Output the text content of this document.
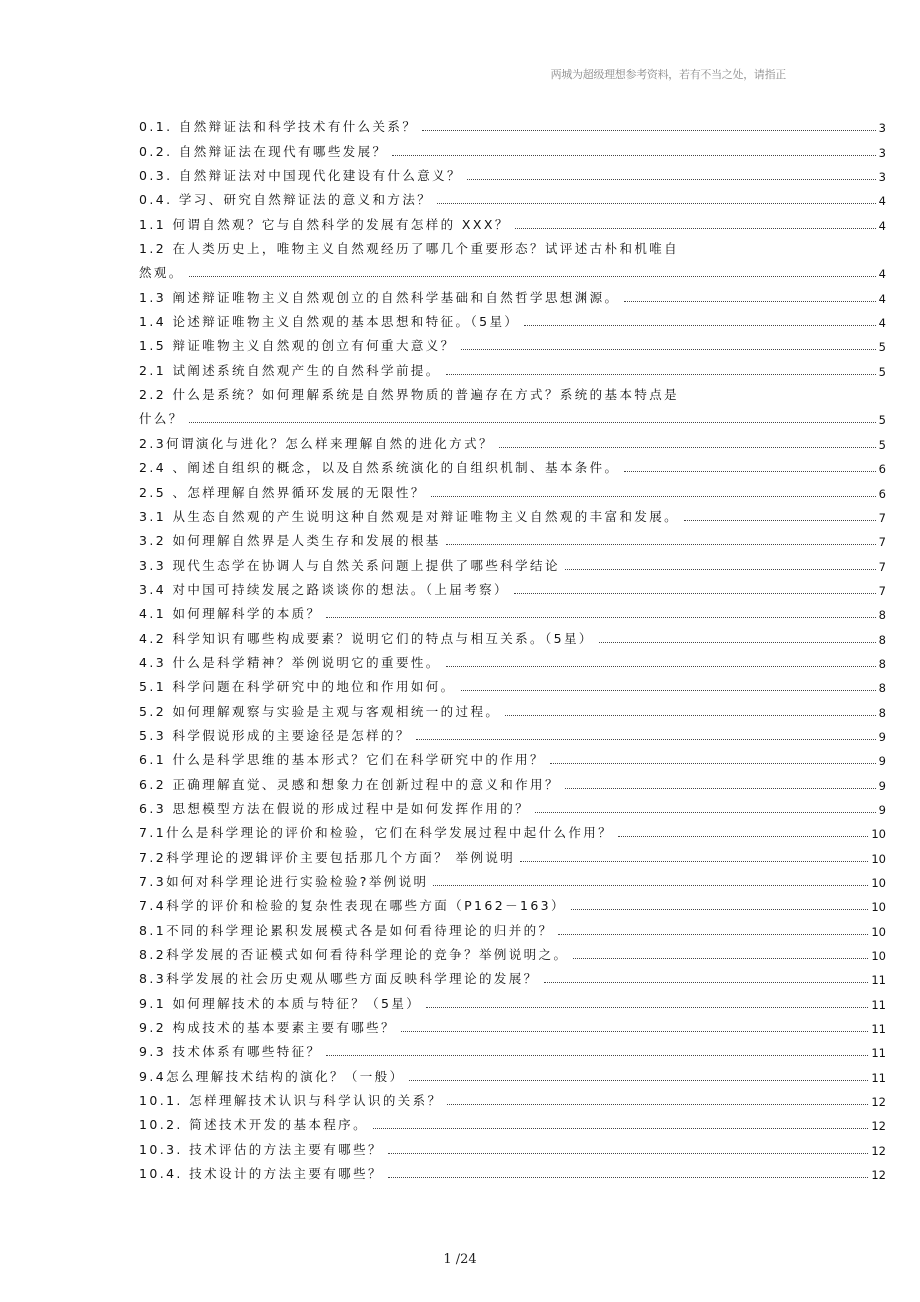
两城为超级理想参考资料，若有不当之处，请指正
0.1. 自然辩证法和科学技术有什么关系？	3
0.2. 自然辩证法在现代有哪些发展？	3
0.3. 自然辩证法对中国现代化建设有什么意义？	3
0.4. 学习、研究自然辩证法的意义和方法？	4
1.1 何谓自然观？它与自然科学的发展有怎样的 XXX？	4
1.2 在人类历史上，唯物主义自然观经历了哪几个重要形态？试评述古朴和机唯自
然观。	4
1.3 阐述辩证唯物主义自然观创立的自然科学基础和自然哲学思想渊源。	4
1.4 论述辩证唯物主义自然观的基本思想和特征。（5星）	4
1.5 辩证唯物主义自然观的创立有何重大意义？	5
2.1 试阐述系统自然观产生的自然科学前提。	5
2.2 什么是系统？如何理解系统是自然界物质的普遍存在方式？系统的基本特点是
什么？	5
2.3何谓演化与进化？怎么样来理解自然的进化方式？	5
2.4 、阐述自组织的概念，以及自然系统演化的自组织机制、基本条件。	6
2.5 、怎样理解自然界循环发展的无限性？	6
3.1 从生态自然观的产生说明这种自然观是对辩证唯物主义自然观的丰富和发展。	7
3.2 如何理解自然界是人类生存和发展的根基	7
3.3 现代生态学在协调人与自然关系问题上提供了哪些科学结论	7
3.4 对中国可持续发展之路谈谈你的想法。（上届考察）	7
4.1 如何理解科学的本质？	8
4.2 科学知识有哪些构成要素？说明它们的特点与相互关系。（5星）	8
4.3 什么是科学精神？举例说明它的重要性。	8
5.1 科学问题在科学研究中的地位和作用如何。	8
5.2 如何理解观察与实验是主观与客观相统一的过程。	8
5.3 科学假说形成的主要途径是怎样的？	9
6.1 什么是科学思维的基本形式？它们在科学研究中的作用？	9
6.2 正确理解直觉、灵感和想象力在创新过程中的意义和作用？	9
6.3 思想模型方法在假说的形成过程中是如何发挥作用的？	9
7.1什么是科学理论的评价和检验，它们在科学发展过程中起什么作用？	10
7.2科学理论的逻辑评价主要包括那几个方面？ 举例说明	10
7.3如何对科学理论进行实验检验?举例说明	10
7.4科学的评价和检验的复杂性表现在哪些方面（P162－163）	10
8.1不同的科学理论累积发展模式各是如何看待理论的归并的？	10
8.2科学发展的否证模式如何看待科学理论的竞争？举例说明之。	10
8.3科学发展的社会历史观从哪些方面反映科学理论的发展？	11
9.1 如何理解技术的本质与特征？（5星）	11
9.2 构成技术的基本要素主要有哪些？	11
9.3 技术体系有哪些特征？	11
9.4怎么理解技术结构的演化？（一般）	11
10.1. 怎样理解技术认识与科学认识的关系？	12
10.2. 简述技术开发的基本程序。	12
10.3. 技术评估的方法主要有哪些？	12
10.4. 技术设计的方法主要有哪些？	12
1 /24
